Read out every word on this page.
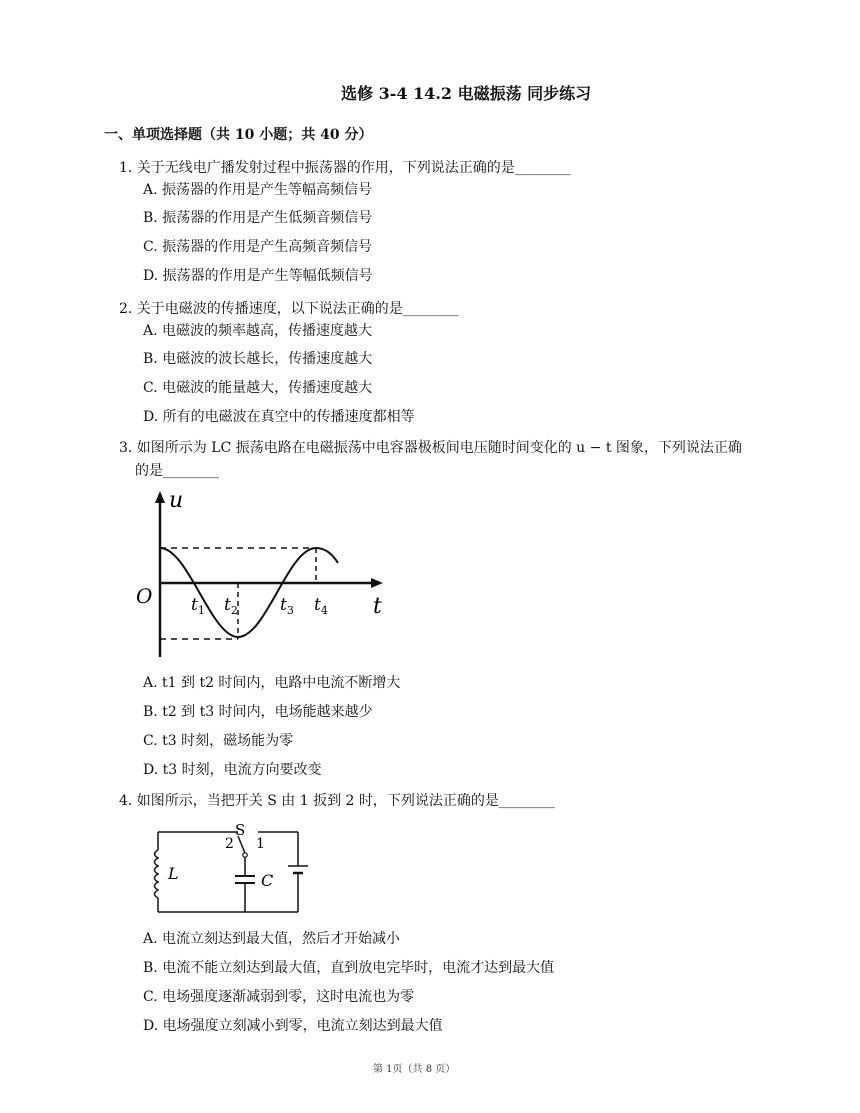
选修 3-4 14.2 电磁振荡 同步练习
一、单项选择题（共 10 小题；共 40 分）
1. 关于无线电广播发射过程中振荡器的作用，下列说法正确的是________
A. 振荡器的作用是产生等幅高频信号
B. 振荡器的作用是产生低频音频信号
C. 振荡器的作用是产生高频音频信号
D. 振荡器的作用是产生等幅低频信号
2. 关于电磁波的传播速度，以下说法正确的是________
A. 电磁波的频率越高，传播速度越大
B. 电磁波的波长越长，传播速度越大
C. 电磁波的能量越大，传播速度越大
D. 所有的电磁波在真空中的传播速度都相等
3. 如图所示为 LC 振荡电路在电磁振荡中电容器极板间电压随时间变化的 u − t 图象，下列说法正确
的是________
u
t
O $t_1$ $t_2$ $t_3$ $t_4$
A. t1 到 t2 时间内，电路中电流不断增大
B. t2 到 t3 时间内，电场能越来越少
C. t3 时刻，磁场能为零
D. t3 时刻，电流方向要改变
4. 如图所示，当把开关 S 由 1 扳到 2 时，下列说法正确的是________
L
S
2 1
C
A. 电流立刻达到最大值，然后才开始减小
B. 电流不能立刻达到最大值，直到放电完毕时，电流才达到最大值
C. 电场强度逐渐减弱到零，这时电流也为零
D. 电场强度立刻减小到零，电流立刻达到最大值
第 1页（共 8 页）
